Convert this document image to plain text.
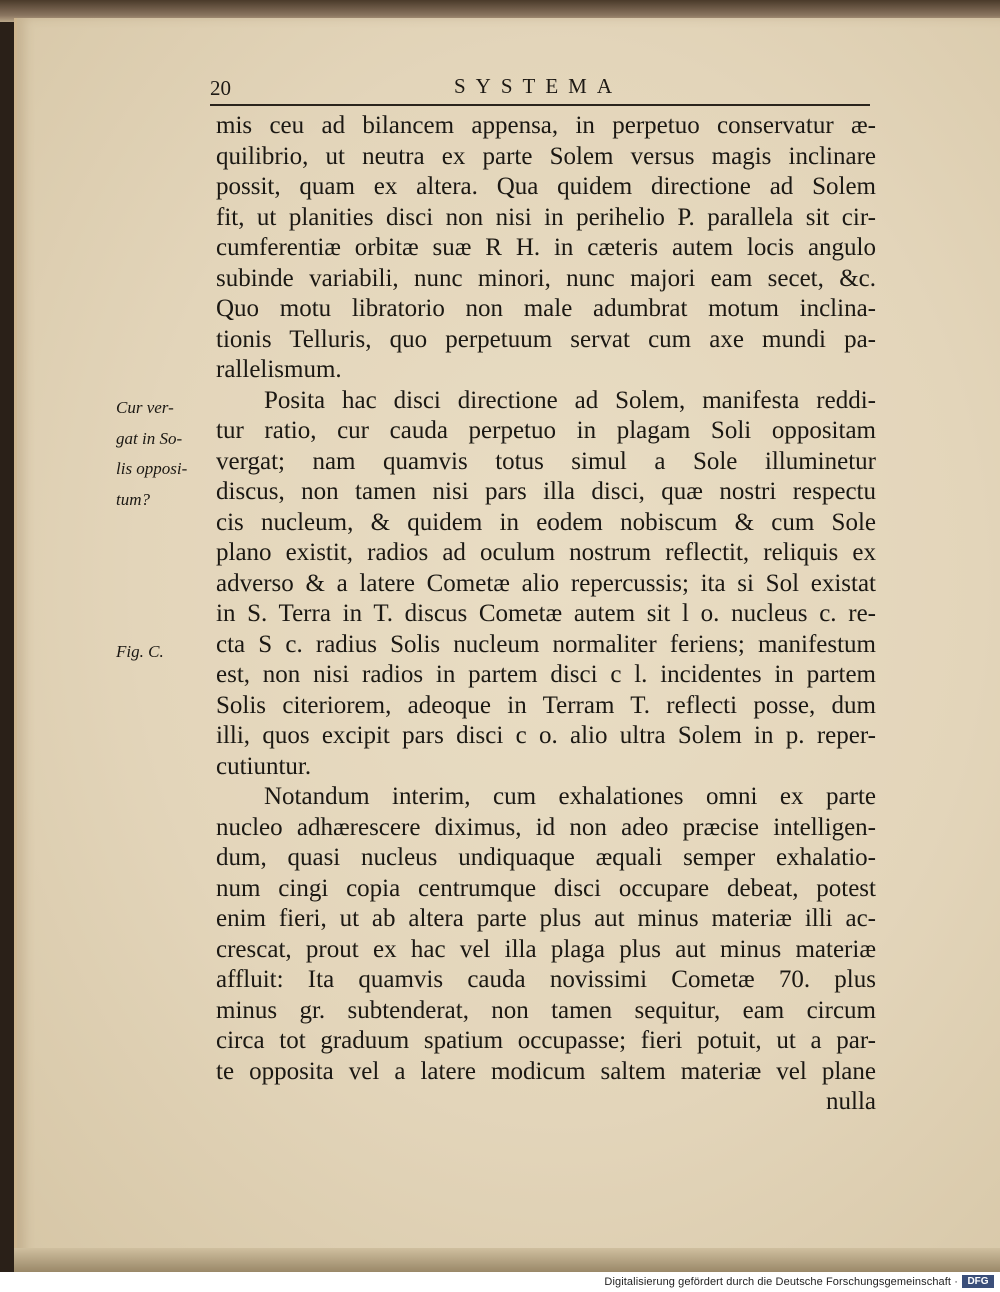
20	SYSTEMA
Cur ver-
gat in So-
lis opposi-
tum?
Fig. C.
mis ceu ad bilancem appensa, in perpetuo conservatur æ-
quilibrio, ut neutra ex parte Solem versus magis inclinare
possit, quam ex altera. Qua quidem directione ad Solem
fit, ut planities disci non nisi in perihelio P. parallela sit cir-
cumferentiæ orbitæ suæ R H. in cæteris autem locis angulo
subinde variabili, nunc minori, nunc majori eam secet, &c.
Quo motu libratorio non male adumbrat motum inclina-
tionis Telluris, quo perpetuum servat cum axe mundi pa-
rallelismum.
Posita hac disci directione ad Solem, manifesta reddi-
tur ratio, cur cauda perpetuo in plagam Soli oppositam
vergat; nam quamvis totus simul a Sole illuminetur
discus, non tamen nisi pars illa disci, quæ nostri respectu
cis nucleum, & quidem in eodem nobiscum & cum Sole
plano existit, radios ad oculum nostrum reflectit, reliquis ex
adverso & a latere Cometæ alio repercussis; ita si Sol existat
in S. Terra in T. discus Cometæ autem sit l o. nucleus c. re-
cta S c. radius Solis nucleum normaliter feriens; manifestum
est, non nisi radios in partem disci c l. incidentes in partem
Solis citeriorem, adeoque in Terram T. reflecti posse, dum
illi, quos excipit pars disci c o. alio ultra Solem in p. reper-
cutiuntur.
Notandum interim, cum exhalationes omni ex parte
nucleo adhærescere diximus, id non adeo præcise intelligen-
dum, quasi nucleus undiquaque æquali semper exhalatio-
num cingi copia centrumque disci occupare debeat, potest
enim fieri, ut ab altera parte plus aut minus materiæ illi ac-
crescat, prout ex hac vel illa plaga plus aut minus materiæ
affluit: Ita quamvis cauda novissimi Cometæ 70. plus
minus gr. subtenderat, non tamen sequitur, eam circum
circa tot graduum spatium occupasse; fieri potuit, ut a par-
te opposita vel a latere modicum saltem materiæ vel plane
nulla
Digitalisierung gefördert durch die Deutsche Forschungsgemeinschaft · DFG
